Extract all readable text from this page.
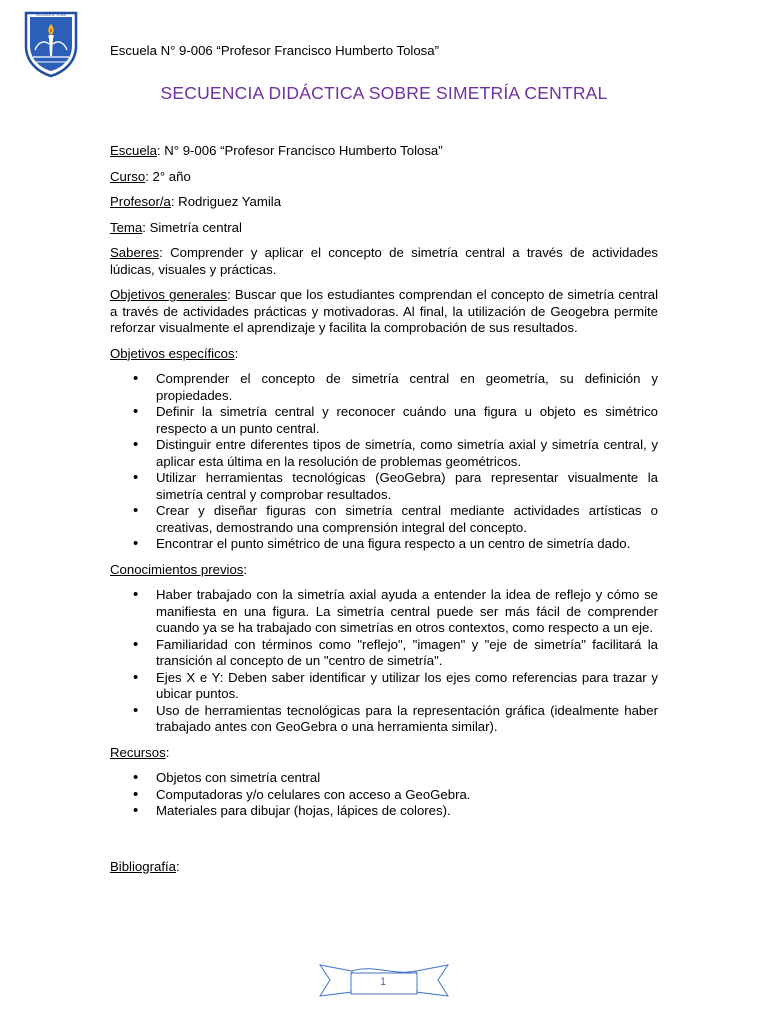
ESCUELA N° 9-006
Escuela N° 9-006 “Profesor Francisco Humberto Tolosa”
SECUENCIA DIDÁCTICA SOBRE SIMETRÍA CENTRAL
Escuela: N° 9-006 “Profesor Francisco Humberto Tolosa”
Curso: 2° año
Profesor/a: Rodriguez Yamila
Tema: Simetría central
Saberes: Comprender y aplicar el concepto de simetría central a través de actividades lúdicas, visuales y prácticas.
Objetivos generales: Buscar que los estudiantes comprendan el concepto de simetría central a través de actividades prácticas y motivadoras. Al final, la utilización de Geogebra permite reforzar visualmente el aprendizaje y facilita la comprobación de sus resultados.
Objetivos específicos:
• Comprender el concepto de simetría central en geometría, su definición y propiedades.
• Definir la simetría central y reconocer cuándo una figura u objeto es simétrico respecto a un punto central.
• Distinguir entre diferentes tipos de simetría, como simetría axial y simetría central, y aplicar esta última en la resolución de problemas geométricos.
• Utilizar herramientas tecnológicas (GeoGebra) para representar visualmente la simetría central y comprobar resultados.
• Crear y diseñar figuras con simetría central mediante actividades artísticas o creativas, demostrando una comprensión integral del concepto.
• Encontrar el punto simétrico de una figura respecto a un centro de simetría dado.
Conocimientos previos:
• Haber trabajado con la simetría axial ayuda a entender la idea de reflejo y cómo se manifiesta en una figura. La simetría central puede ser más fácil de comprender cuando ya se ha trabajado con simetrías en otros contextos, como respecto a un eje.
• Familiaridad con términos como "reflejo", "imagen" y "eje de simetría" facilitará la transición al concepto de un "centro de simetría".
• Ejes X e Y: Deben saber identificar y utilizar los ejes como referencias para trazar y ubicar puntos.
• Uso de herramientas tecnológicas para la representación gráfica (idealmente haber trabajado antes con GeoGebra o una herramienta similar).
Recursos:
• Objetos con simetría central
• Computadoras y/o celulares con acceso a GeoGebra.
• Materiales para dibujar (hojas, lápices de colores).
Bibliografía:
1
